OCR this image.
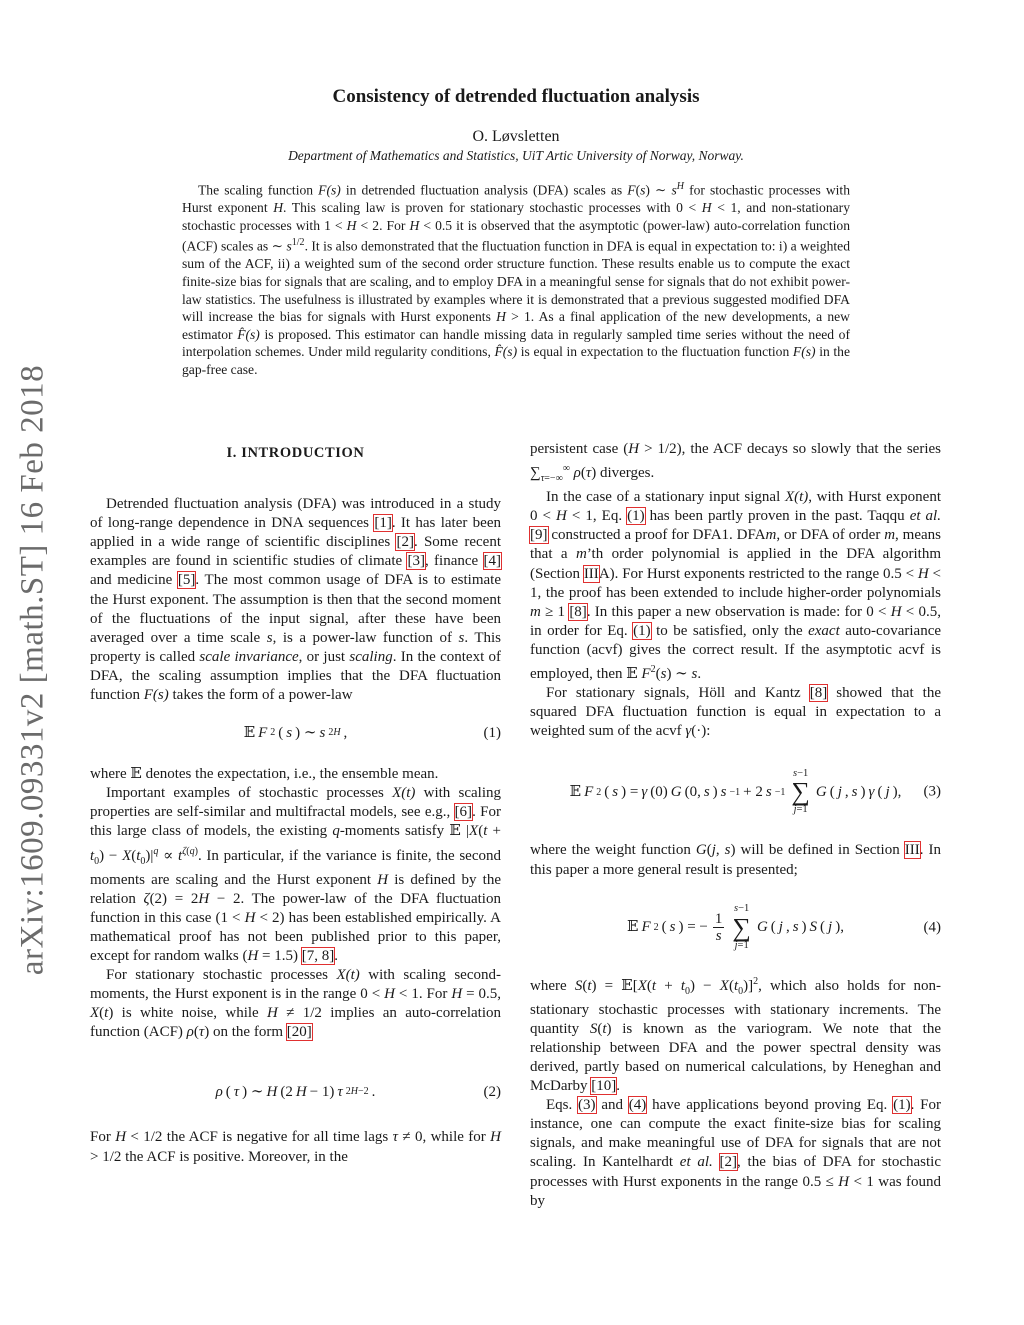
arXiv:1609.09331v2 [math.ST] 16 Feb 2018
Consistency of detrended fluctuation analysis
O. Løvsletten
Department of Mathematics and Statistics, UiT Artic University of Norway, Norway.

The scaling function F(s) in detrended fluctuation analysis (DFA) scales as F(s) ∼ $s^H$ for stochastic processes with Hurst exponent H. This scaling law is proven for stationary stochastic processes with 0 < H < 1, and non-stationary stochastic processes with 1 < H < 2. For H < 0.5 it is observed that the asymptotic (power-law) auto-correlation function (ACF) scales as ∼ $s^{1/2}$. It is also demonstrated that the fluctuation function in DFA is equal in expectation to: i) a weighted sum of the ACF, ii) a weighted sum of the second order structure function. These results enable us to compute the exact finite-size bias for signals that are scaling, and to employ DFA in a meaningful sense for signals that do not exhibit power-law statistics. The usefulness is illustrated by examples where it is demonstrated that a previous suggested modified DFA will increase the bias for signals with Hurst exponents H > 1. As a final application of the new developments, a new estimator F̂(s) is proposed. This estimator can handle missing data in regularly sampled time series without the need of interpolation schemes. Under mild regularity conditions, F̂(s) is equal in expectation to the fluctuation function F(s) in the gap-free case.

I. INTRODUCTION

Detrended fluctuation analysis (DFA) was introduced in a study of long-range dependence in DNA sequences [1]. It has later been applied in a wide range of scientific disciplines [2]. Some recent examples are found in scientific studies of climate [3], finance [4] and medicine [5]. The most common usage of DFA is to estimate the Hurst exponent. The assumption is then that the second moment of the fluctuations of the input signal, after these have been averaged over a time scale s, is a power-law function of s. This property is called scale invariance, or just scaling. In the context of DFA, the scaling assumption implies that the DFA fluctuation function F(s) takes the form of a power-law

𝔼 F 2 ( s ) ∼ s 2H ,	(1)

where 𝔼 denotes the expectation, i.e., the ensemble mean.

Important examples of stochastic processes X(t) with scaling properties are self-similar and multifractal models, see e.g., [6]. For this large class of models, the existing q-moments satisfy 𝔼 $|X(t + t_0) - X(t_0)|^q \propto t^{\zeta(q)}$. In particular, if the variance is finite, the second moments are scaling and the Hurst exponent H is defined by the relation ζ(2) = 2H − 2. The power-law of the DFA fluctuation function in this case (1 < H < 2) has been established empirically. A mathematical proof has not been published prior to this paper, except for random walks (H = 1.5) [7, 8].

For stationary stochastic processes X(t) with scaling second-moments, the Hurst exponent is in the range 0 < H < 1. For H = 0.5, X(t) is white noise, while H ≠ 1/2 implies an auto-correlation function (ACF) ρ(τ) on the form [20]

ρ ( τ ) ∼ H (2 H − 1) τ 2H−2 .	(2)

For H < 1/2 the ACF is negative for all time lags τ ≠ 0, while for H > 1/2 the ACF is positive. Moreover, in the

persistent case (H > 1/2), the ACF decays so slowly that the series $\sum_{\tau=-\infty}^\infty$ ρ(τ) diverges.

In the case of a stationary input signal X(t), with Hurst exponent 0 < H < 1, Eq. (1) has been partly proven in the past. Taqqu et al. [9] constructed a proof for DFA1. DFAm, or DFA of order m, means that a m’th order polynomial is applied in the DFA algorithm (Section IIIA). For Hurst exponents restricted to the range 0.5 < H < 1, the proof has been extended to include higher-order polynomials m ≥ 1 [8]. In this paper a new observation is made: for 0 < H < 0.5, in order for Eq. (1) to be satisfied, only the exact auto-covariance function (acvf) gives the correct result. If the asymptotic acvf is employed, then 𝔼 $F^2(s)$ ∼ s.

For stationary signals, Höll and Kantz [8] showed that the squared DFA fluctuation function is equal in expectation to a weighted sum of the acvf γ(·):

𝔼 F 2 ( s ) = γ (0) G (0, s ) s −1 + 2 s −1
s−1
∑
j=1
G ( j , s ) γ ( j ), (3)

where the weight function G(j, s) will be defined in Section III. In this paper a more general result is presented;

𝔼 F 2 ( s ) = − $\frac{1}{s}$
s−1
∑
j=1
G ( j , s ) S ( j ),	(4)

where S(t) = 𝔼[X(t + $t_0) - X(t_0)]^2$, which also holds for non-stationary stochastic processes with stationary increments. The quantity S(t) is known as the variogram. We note that the relationship between DFA and the power spectral density was derived, partly based on numerical calculations, by Heneghan and McDarby [10].

Eqs. (3) and (4) have applications beyond proving Eq. (1). For instance, one can compute the exact finite-size bias for scaling signals, and make meaningful use of DFA for signals that are not scaling. In Kantelhardt et al. [2], the bias of DFA for stochastic processes with Hurst exponents in the range 0.5 ≤ H < 1 was found by
